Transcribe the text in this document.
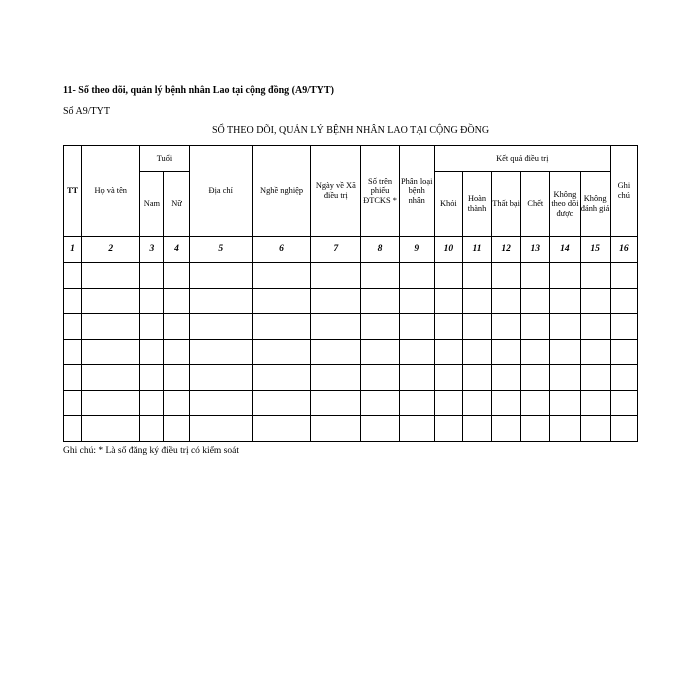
11- Sổ theo dõi, quản lý bệnh nhân Lao tại cộng đồng (A9/TYT)
Sổ A9/TYT
SỔ THEO DÕI, QUẢN LÝ BỆNH NHÂN LAO TẠI CỘNG ĐỒNG
TT	Họ và tên	Tuổi		Địa chỉ	Nghề nghiệp	Ngày về Xã điều trị	Số trên phiếu ĐTCKS *	Phân loại bệnh nhân	Kết quả điều trị						Ghi chú
		Nam	Nữ						Khỏi	Hoàn thành	Thất bại	Chết	Không theo dõi được	Không đánh giá	
1	2	3	4	5	6	7	8	9	10	11	12	13	14	15	16

Ghi chú: * Là số đăng ký điều trị có kiểm soát
